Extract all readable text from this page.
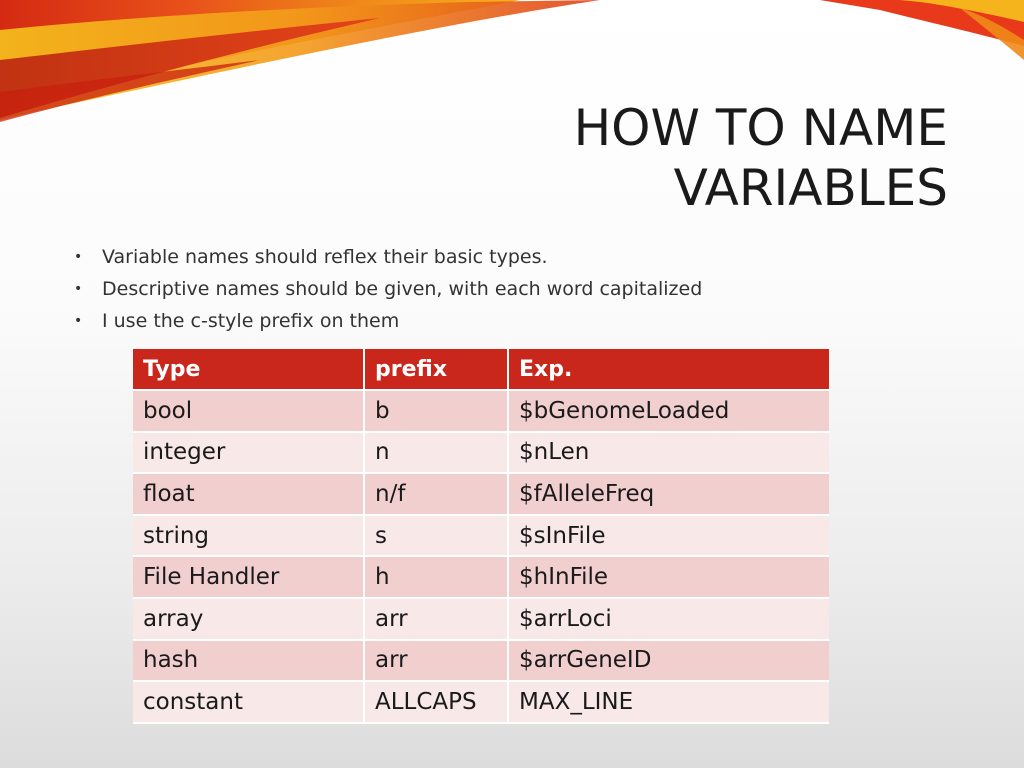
HOW TO NAME
VARIABLES
• Variable names should reflex their basic types.
• Descriptive names should be given, with each word capitalized
• I use the c-style prefix on them
Type	prefix	Exp.
bool	b	$bGenomeLoaded
integer	n	$nLen
float	n/f	$fAlleleFreq
string	s	$sInFile
File Handler	h	$hInFile
array	arr	$arrLoci
hash	arr	$arrGeneID
constant	ALLCAPS	MAX_LINE
